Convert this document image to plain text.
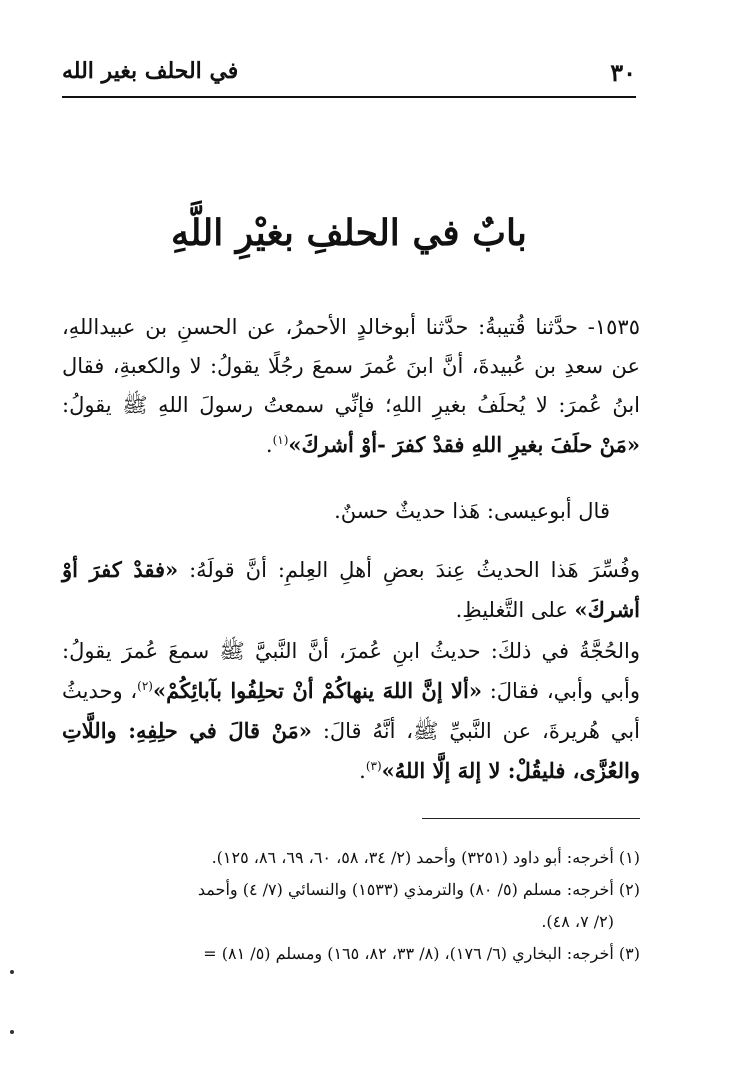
٣٠
في الحلف بغير الله
بابٌ في الحلفِ بغيْرِ اللَّهِ

١٥٣٥- حدَّثنا قُتيبةُ: حدَّثنا أبوخالدٍ الأحمرُ، عن الحسنِ بن عبيداللهِ، عن سعدِ بن عُبيدةَ، أنَّ ابنَ عُمرَ سمعَ رجُلًا يقولُ: لا والكعبةِ، فقال ابنُ عُمرَ: لا يُحلَفُ بغيرِ اللهِ؛ فإنِّي سمعتُ رسولَ اللهِ ﷺ يقولُ: «مَنْ حلَفَ بغيرِ اللهِ فقدْ كفرَ -أوْ أشركَ»$^{(١)}$.

قال أبوعيسى: هَذا حديثٌ حسنٌ.

وفُسِّرَ هَذا الحديثُ عِندَ بعضِ أهلِ العِلمِ: أنَّ قولَهُ: «فقدْ كفرَ أوْ أشركَ» على التَّغليظِ.

والحُجَّةُ في ذلكَ: حديثُ ابنِ عُمرَ، أنَّ النَّبيَّ ﷺ سمعَ عُمرَ يقولُ: وأبي وأبي، فقالَ: «ألا إنَّ اللهَ ينهاكُمْ أنْ تحلِفُوا بآبائِكُمْ»$^{(٢)}$، وحديثُ أبي هُريرةَ، عن النَّبيِّ ﷺ، أنَّهُ قالَ: «مَنْ قالَ في حلِفِهِ: واللَّاتِ والعُزَّى، فليقُلْ: لا إلهَ إلَّا اللهُ»$^{(٣)}$.

(١) أخرجه: أبو داود (٣٢٥١) وأحمد (٢/ ٣٤، ٥٨، ٦٠، ٦٩، ٨٦، ١٢٥).

(٢) أخرجه: مسلم (٥/ ٨٠) والترمذي (١٥٣٣) والنسائي (٧/ ٤) وأحمد

(٢/ ٧، ٤٨).

(٣) أخرجه: البخاري (٦/ ١٧٦)، (٨/ ٣٣، ٨٢، ١٦٥) ومسلم (٥/ ٨١) =
